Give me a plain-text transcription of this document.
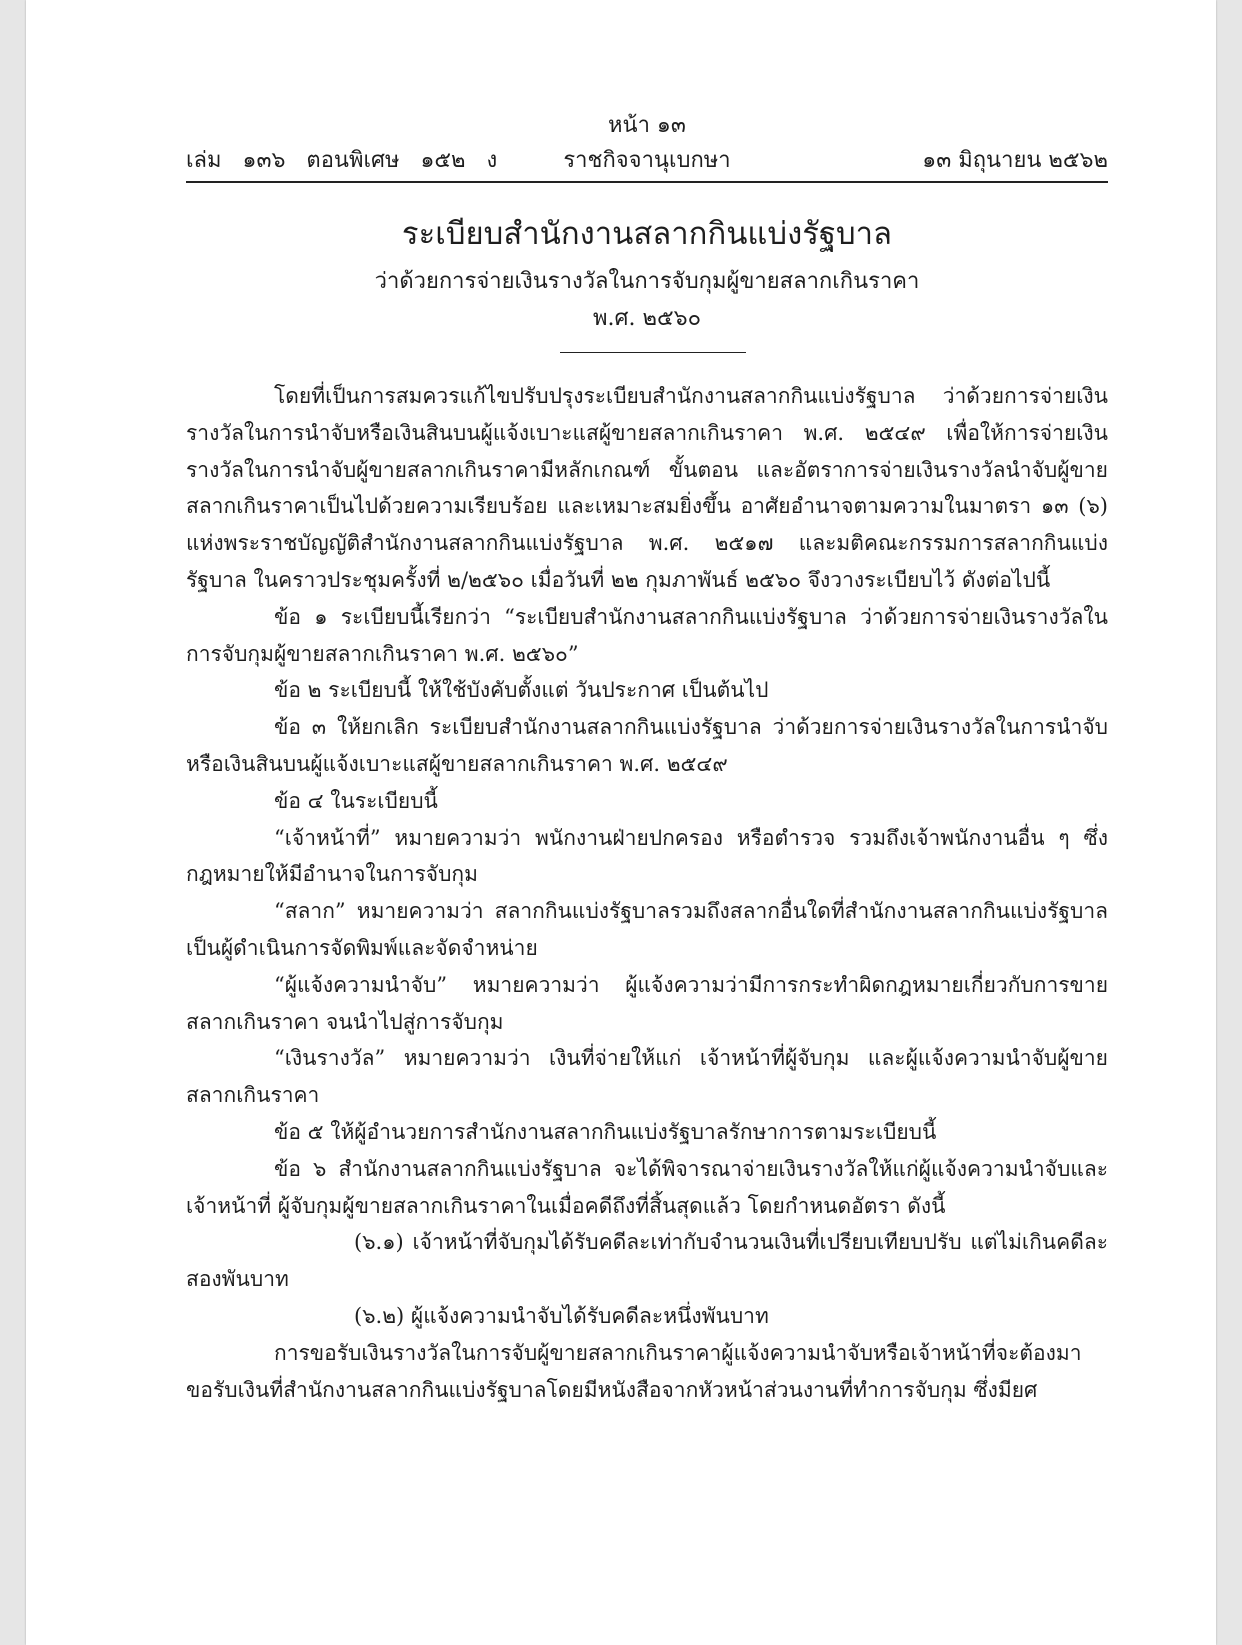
หน้า ๑๓
เล่ม   ๑๓๖   ตอนพิเศษ   ๑๕๒   ง	ราชกิจจานุเบกษา	๑๓ มิถุนายน ๒๕๖๒
ระเบียบสำนักงานสลากกินแบ่งรัฐบาล
ว่าด้วยการจ่ายเงินรางวัลในการจับกุมผู้ขายสลากเกินราคา
พ.ศ. ๒๕๖๐

โดยที่เป็นการสมควรแก้ไขปรับปรุงระเบียบสำนักงานสลากกินแบ่งรัฐบาล ว่าด้วยการจ่ายเงินรางวัลในการนำจับหรือเงินสินบนผู้แจ้งเบาะแสผู้ขายสลากเกินราคา พ.ศ. ๒๕๔๙ เพื่อให้การจ่ายเงินรางวัลในการนำจับผู้ขายสลากเกินราคามีหลักเกณฑ์ ขั้นตอน และอัตราการจ่ายเงินรางวัลนำจับผู้ขายสลากเกินราคาเป็นไปด้วยความเรียบร้อย และเหมาะสมยิ่งขึ้น อาศัยอำนาจตามความในมาตรา ๑๓ (๖) แห่งพระราชบัญญัติสำนักงานสลากกินแบ่งรัฐบาล พ.ศ. ๒๕๑๗ และมติคณะกรรมการสลากกินแบ่งรัฐบาล ในคราวประชุมครั้งที่ ๒/๒๕๖๐ เมื่อวันที่ ๒๒ กุมภาพันธ์ ๒๕๖๐ จึงวางระเบียบไว้ ดังต่อไปนี้

ข้อ ๑ ระเบียบนี้เรียกว่า “ระเบียบสำนักงานสลากกินแบ่งรัฐบาล ว่าด้วยการจ่ายเงินรางวัลในการจับกุมผู้ขายสลากเกินราคา พ.ศ. ๒๕๖๐”

ข้อ ๒ ระเบียบนี้ ให้ใช้บังคับตั้งแต่ วันประกาศ เป็นต้นไป

ข้อ ๓ ให้ยกเลิก ระเบียบสำนักงานสลากกินแบ่งรัฐบาล ว่าด้วยการจ่ายเงินรางวัลในการนำจับหรือเงินสินบนผู้แจ้งเบาะแสผู้ขายสลากเกินราคา พ.ศ. ๒๕๔๙

ข้อ ๔ ในระเบียบนี้

“เจ้าหน้าที่” หมายความว่า พนักงานฝ่ายปกครอง หรือตำรวจ รวมถึงเจ้าพนักงานอื่น ๆ ซึ่งกฎหมายให้มีอำนาจในการจับกุม

“สลาก” หมายความว่า สลากกินแบ่งรัฐบาลรวมถึงสลากอื่นใดที่สำนักงานสลากกินแบ่งรัฐบาลเป็นผู้ดำเนินการจัดพิมพ์และจัดจำหน่าย

“ผู้แจ้งความนำจับ” หมายความว่า ผู้แจ้งความว่ามีการกระทำผิดกฎหมายเกี่ยวกับการขายสลากเกินราคา จนนำไปสู่การจับกุม

“เงินรางวัล” หมายความว่า เงินที่จ่ายให้แก่ เจ้าหน้าที่ผู้จับกุม และผู้แจ้งความนำจับผู้ขายสลากเกินราคา

ข้อ ๕ ให้ผู้อำนวยการสำนักงานสลากกินแบ่งรัฐบาลรักษาการตามระเบียบนี้

ข้อ ๖ สำนักงานสลากกินแบ่งรัฐบาล จะได้พิจารณาจ่ายเงินรางวัลให้แก่ผู้แจ้งความนำจับและเจ้าหน้าที่ ผู้จับกุมผู้ขายสลากเกินราคาในเมื่อคดีถึงที่สิ้นสุดแล้ว โดยกำหนดอัตรา ดังนี้

(๖.๑) เจ้าหน้าที่จับกุมได้รับคดีละเท่ากับจำนวนเงินที่เปรียบเทียบปรับ แต่ไม่เกินคดีละสองพันบาท

(๖.๒) ผู้แจ้งความนำจับได้รับคดีละหนึ่งพันบาท

การขอรับเงินรางวัลในการจับผู้ขายสลากเกินราคาผู้แจ้งความนำจับหรือเจ้าหน้าที่จะต้องมาขอรับเงินที่สำนักงานสลากกินแบ่งรัฐบาลโดยมีหนังสือจากหัวหน้าส่วนงานที่ทำการจับกุม ซึ่งมียศ
